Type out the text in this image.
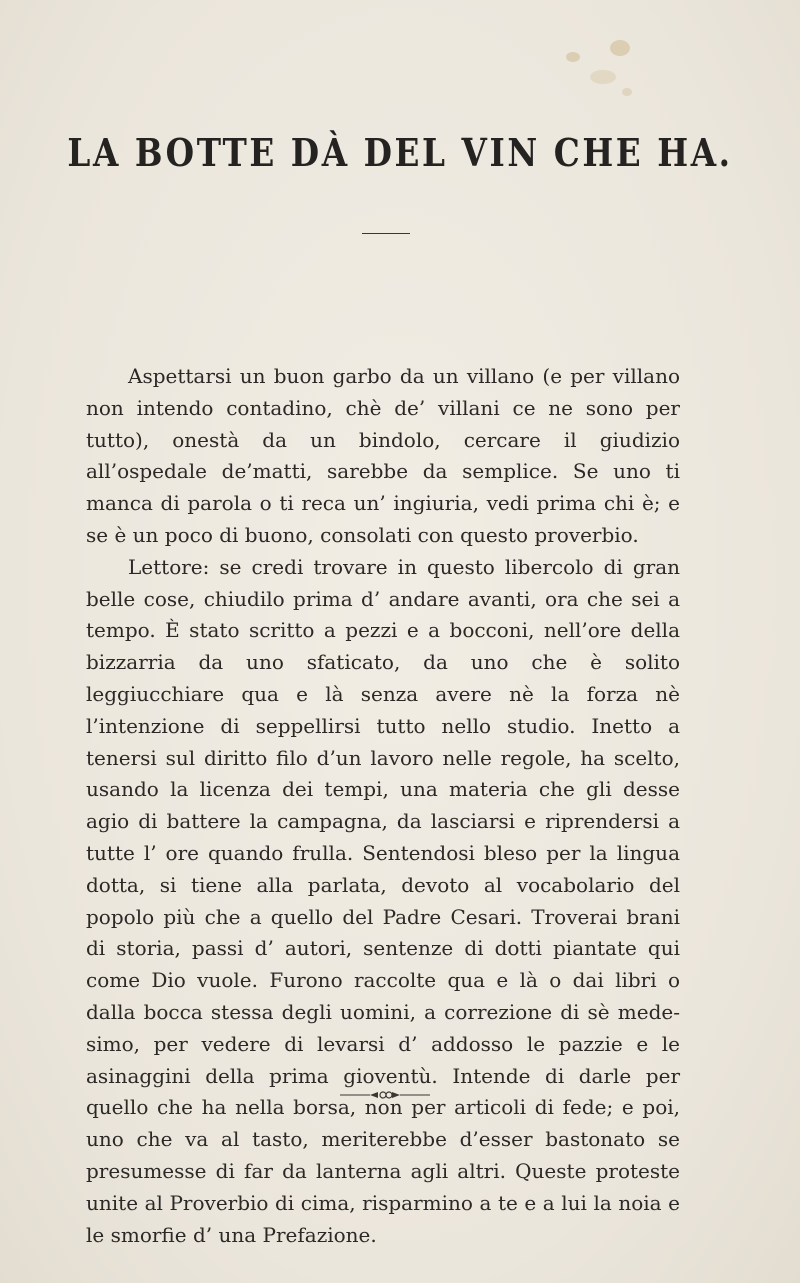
LA BOTTE DÀ DEL VIN CHE HA.

Aspettarsi un buon garbo da un villano (e per villano non intendo contadino, chè de’ villani ce ne sono per tutto), onestà da un bindolo, cercare il giudizio all’ospedale de’matti, sarebbe da semplice. Se uno ti manca di parola o ti reca un’ ingiuria, vedi prima chi è; e se è un poco di buono, consolati con questo proverbio.

Lettore: se credi trovare in questo libercolo di gran belle cose, chiudilo prima d’ andare avanti, ora che sei a tempo. È stato scritto a pezzi e a bocconi, nell’ore della bizzarria da uno sfaticato, da uno che è solito leggiucchiare qua e là senza avere nè la forza nè l’intenzione di seppellirsi tutto nello studio. Inetto a tenersi sul diritto filo d’un lavoro nelle regole, ha scelto, usando la licenza dei tempi, una materia che gli desse agio di battere la campagna, da lasciarsi e riprendersi a tutte l’ ore quando frulla. Sentendosi bleso per la lingua dotta, si tiene alla parlata, devoto al vocabolario del popolo più che a quello del Padre Cesari. Troverai brani di storia, passi d’ autori, sentenze di dotti piantate qui come Dio vuole. Furono raccolte qua e là o dai libri o dalla bocca stessa degli uomini, a correzione di sè medesimo, per vedere di levarsi d’ addosso le pazzie e le asinaggini della prima gioventù. Intende di darle per quello che ha nella borsa, non per articoli di fede; e poi, uno che va al tasto, meriterebbe d’esser bastonato se presumesse di far da lanterna agli altri. Queste proteste unite al Proverbio di cima, risparmino a te e a lui la noia e le smorfie d’ una Prefazione.
